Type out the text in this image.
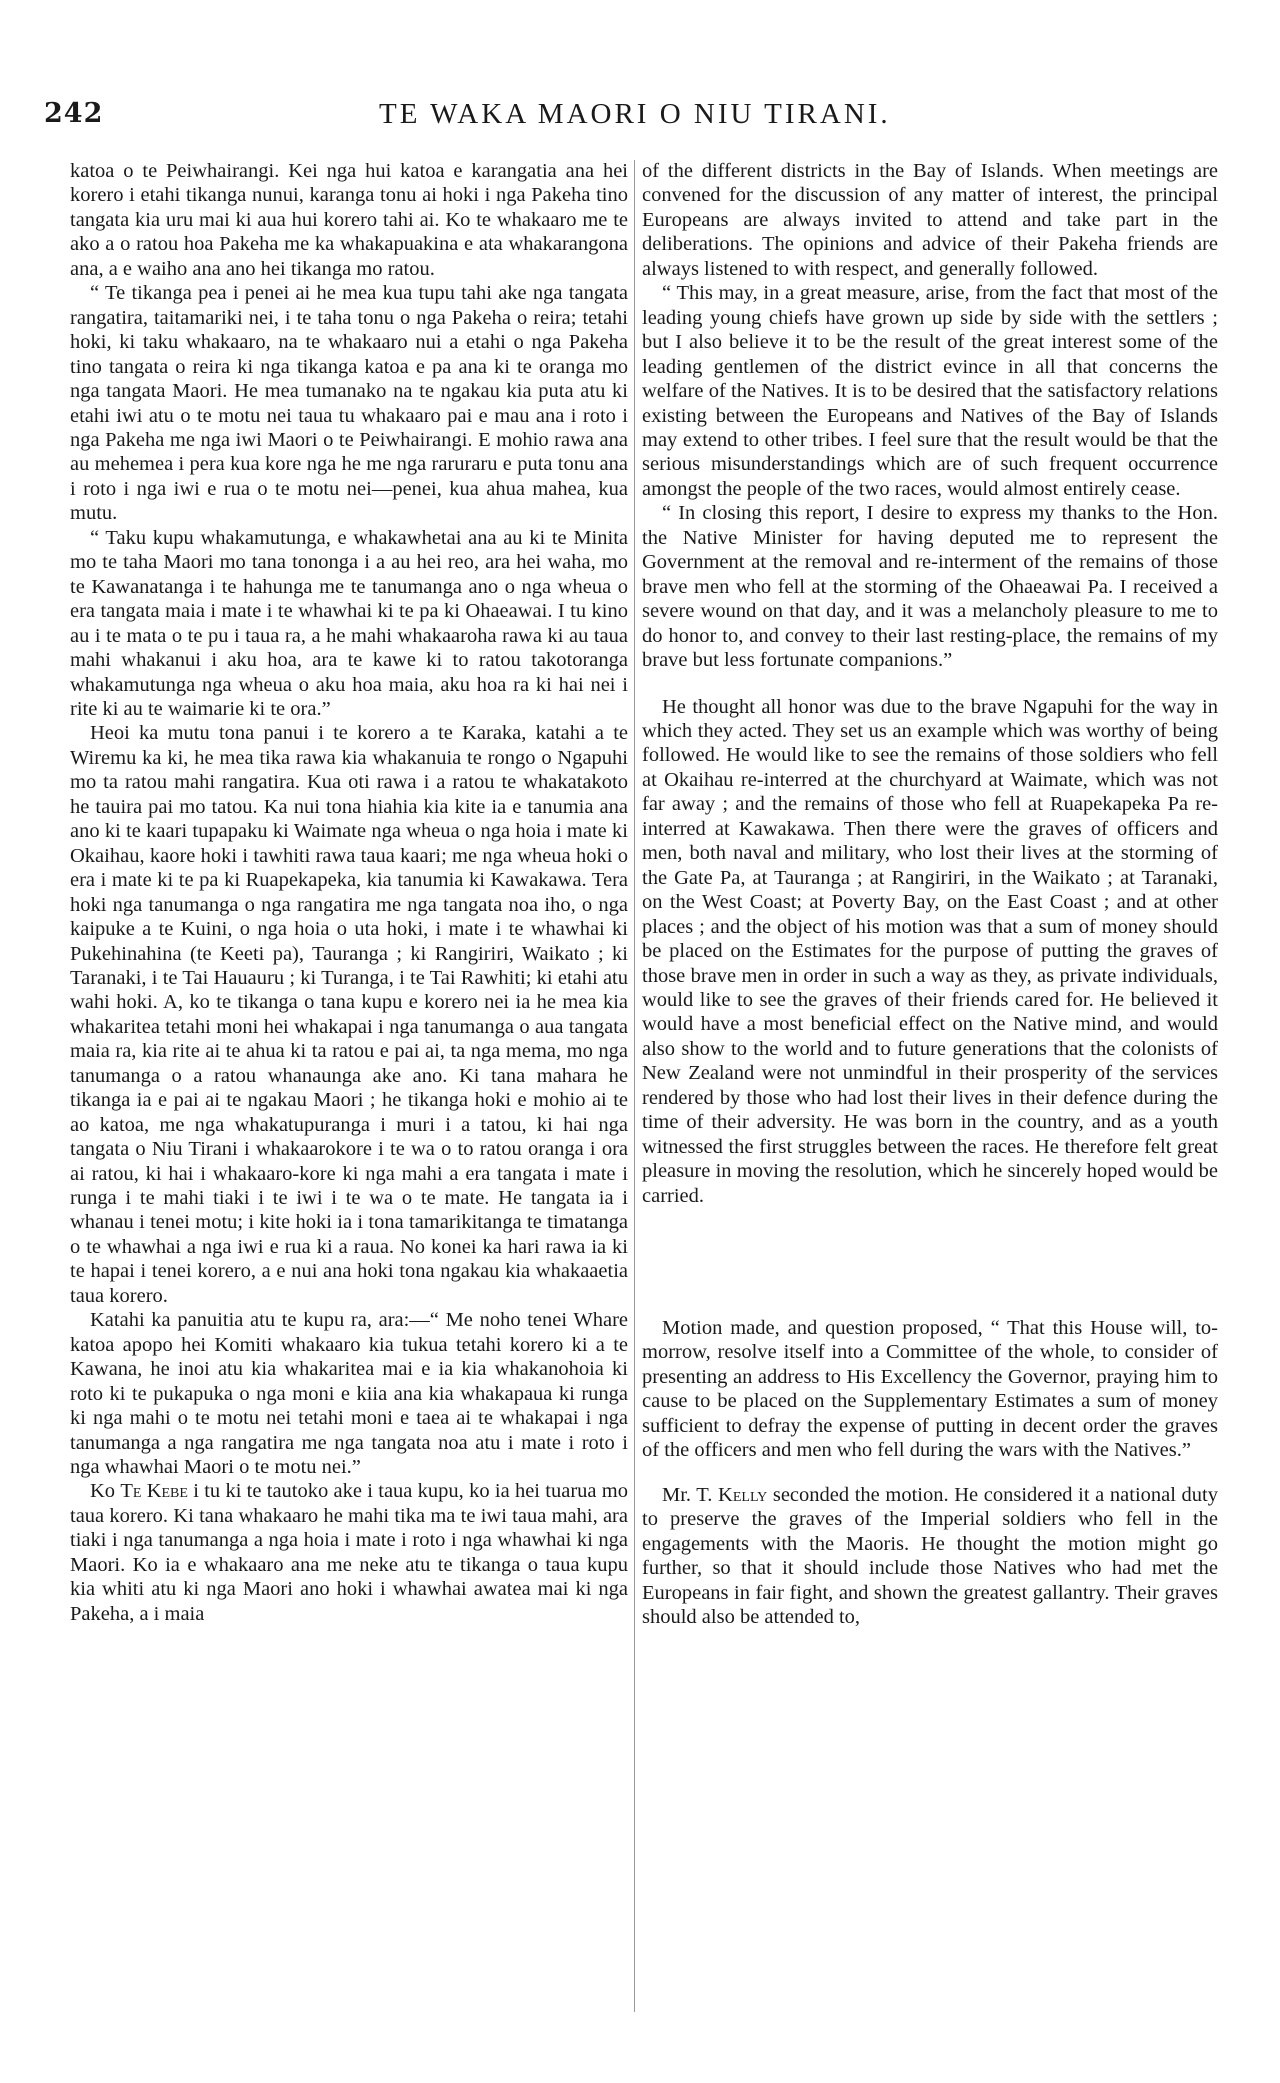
242	TE WAKA MAORI O NIU TIRANI.

katoa o te Peiwhairangi. Kei nga hui katoa e karangatia ana hei korero i etahi tikanga nunui, karanga tonu ai hoki i nga Pakeha tino tangata kia uru mai ki aua hui korero tahi ai. Ko te whakaaro me te ako a o ratou hoa Pakeha me ka whakapuakina e ata whakarangona ana, a e waiho ana ano hei tikanga mo ratou.

“ Te tikanga pea i penei ai he mea kua tupu tahi ake nga tangata rangatira, taitamariki nei, i te taha tonu o nga Pakeha o reira; tetahi hoki, ki taku whakaaro, na te whakaaro nui a etahi o nga Pakeha tino tangata o reira ki nga tikanga katoa e pa ana ki te oranga mo nga tangata Maori. He mea tumanako na te ngakau kia puta atu ki etahi iwi atu o te motu nei taua tu whakaaro pai e mau ana i roto i nga Pakeha me nga iwi Maori o te Peiwhairangi. E mohio rawa ana au mehemea i pera kua kore nga he me nga raruraru e puta tonu ana i roto i nga iwi e rua o te motu nei—penei, kua ahua mahea, kua mutu.

“ Taku kupu whakamutunga, e whakawhetai ana au ki te Minita mo te taha Maori mo tana tononga i a au hei reo, ara hei waha, mo te Kawanatanga i te hahunga me te tanumanga ano o nga wheua o era tangata maia i mate i te whawhai ki te pa ki Ohaeawai. I tu kino au i te mata o te pu i taua ra, a he mahi whakaaroha rawa ki au taua mahi whakanui i aku hoa, ara te kawe ki to ratou takotoranga whakamutunga nga wheua o aku hoa maia, aku hoa ra ki hai nei i rite ki au te waimarie ki te ora.”

Heoi ka mutu tona panui i te korero a te Karaka, katahi a te Wiremu ka ki, he mea tika rawa kia whakanuia te rongo o Ngapuhi mo ta ratou mahi rangatira. Kua oti rawa i a ratou te whakatakoto he tauira pai mo tatou. Ka nui tona hiahia kia kite ia e tanumia ana ano ki te kaari tupapaku ki Waimate nga wheua o nga hoia i mate ki Okaihau, kaore hoki i tawhiti rawa taua kaari; me nga wheua hoki o era i mate ki te pa ki Ruapekapeka, kia tanumia ki Kawakawa. Tera hoki nga tanumanga o nga rangatira me nga tangata noa iho, o nga kaipuke a te Kuini, o nga hoia o uta hoki, i mate i te whawhai ki Pukehinahina (te Keeti pa), Tauranga ; ki Rangiriri, Waikato ; ki Taranaki, i te Tai Hauauru ; ki Turanga, i te Tai Rawhiti; ki etahi atu wahi hoki. A, ko te tikanga o tana kupu e korero nei ia he mea kia whakaritea tetahi moni hei whakapai i nga tanumanga o aua tangata maia ra, kia rite ai te ahua ki ta ratou e pai ai, ta nga mema, mo nga tanumanga o a ratou whanaunga ake ano. Ki tana mahara he tikanga ia e pai ai te ngakau Maori ; he tikanga hoki e mohio ai te ao katoa, me nga whakatupuranga i muri i a tatou, ki hai nga tangata o Niu Tirani i whakaarokore i te wa o to ratou oranga i ora ai ratou, ki hai i whakaaro-kore ki nga mahi a era tangata i mate i runga i te mahi tiaki i te iwi i te wa o te mate. He tangata ia i whanau i tenei motu; i kite hoki ia i tona tamarikitanga te timatanga o te whawhai a nga iwi e rua ki a raua. No konei ka hari rawa ia ki te hapai i tenei korero, a e nui ana hoki tona ngakau kia whakaaetia taua korero.

Katahi ka panuitia atu te kupu ra, ara:—“ Me noho tenei Whare katoa apopo hei Komiti whakaaro kia tukua tetahi korero ki a te Kawana, he inoi atu kia whakaritea mai e ia kia whakanohoia ki roto ki te pukapuka o nga moni e kiia ana kia whakapaua ki runga ki nga mahi o te motu nei tetahi moni e taea ai te whakapai i nga tanumanga a nga rangatira me nga tangata noa atu i mate i roto i nga whawhai Maori o te motu nei.”

Ko Te Kebe i tu ki te tautoko ake i taua kupu, ko ia hei tuarua mo taua korero. Ki tana whakaaro he mahi tika ma te iwi taua mahi, ara tiaki i nga tanumanga a nga hoia i mate i roto i nga whawhai ki nga Maori. Ko ia e whakaaro ana me neke atu te tikanga o taua kupu kia whiti atu ki nga Maori ano hoki i whawhai awatea mai ki nga Pakeha, a i maia

of the different districts in the Bay of Islands. When meetings are convened for the discussion of any matter of interest, the principal Europeans are always invited to attend and take part in the deliberations. The opinions and advice of their Pakeha friends are always listened to with respect, and generally followed.

“ This may, in a great measure, arise, from the fact that most of the leading young chiefs have grown up side by side with the settlers ; but I also believe it to be the result of the great interest some of the leading gentlemen of the district evince in all that concerns the welfare of the Natives. It is to be desired that the satisfactory relations existing between the Europeans and Natives of the Bay of Islands may extend to other tribes. I feel sure that the result would be that the serious misunderstandings which are of such frequent occurrence amongst the people of the two races, would almost entirely cease.

“ In closing this report, I desire to express my thanks to the Hon. the Native Minister for having deputed me to represent the Government at the removal and re-interment of the remains of those brave men who fell at the storming of the Ohaeawai Pa. I received a severe wound on that day, and it was a melancholy pleasure to me to do honor to, and convey to their last resting-place, the remains of my brave but less fortunate companions.”

He thought all honor was due to the brave Ngapuhi for the way in which they acted. They set us an example which was worthy of being followed. He would like to see the remains of those soldiers who fell at Okaihau re-interred at the churchyard at Waimate, which was not far away ; and the remains of those who fell at Ruapekapeka Pa re-interred at Kawakawa. Then there were the graves of officers and men, both naval and military, who lost their lives at the storming of the Gate Pa, at Tauranga ; at Rangiriri, in the Waikato ; at Taranaki, on the West Coast; at Poverty Bay, on the East Coast ; and at other places ; and the object of his motion was that a sum of money should be placed on the Estimates for the purpose of putting the graves of those brave men in order in such a way as they, as private individuals, would like to see the graves of their friends cared for. He believed it would have a most beneficial effect on the Native mind, and would also show to the world and to future generations that the colonists of New Zealand were not unmindful in their prosperity of the services rendered by those who had lost their lives in their defence during the time of their adversity. He was born in the country, and as a youth witnessed the first struggles between the races. He therefore felt great pleasure in moving the resolution, which he sincerely hoped would be carried.

Motion made, and question proposed, “ That this House will, to-morrow, resolve itself into a Committee of the whole, to consider of presenting an address to His Excellency the Governor, praying him to cause to be placed on the Supplementary Estimates a sum of money sufficient to defray the expense of putting in decent order the graves of the officers and men who fell during the wars with the Natives.”

Mr. T. Kelly seconded the motion. He considered it a national duty to preserve the graves of the Imperial soldiers who fell in the engagements with the Maoris. He thought the motion might go further, so that it should include those Natives who had met the Europeans in fair fight, and shown the greatest gallantry. Their graves should also be attended to,
